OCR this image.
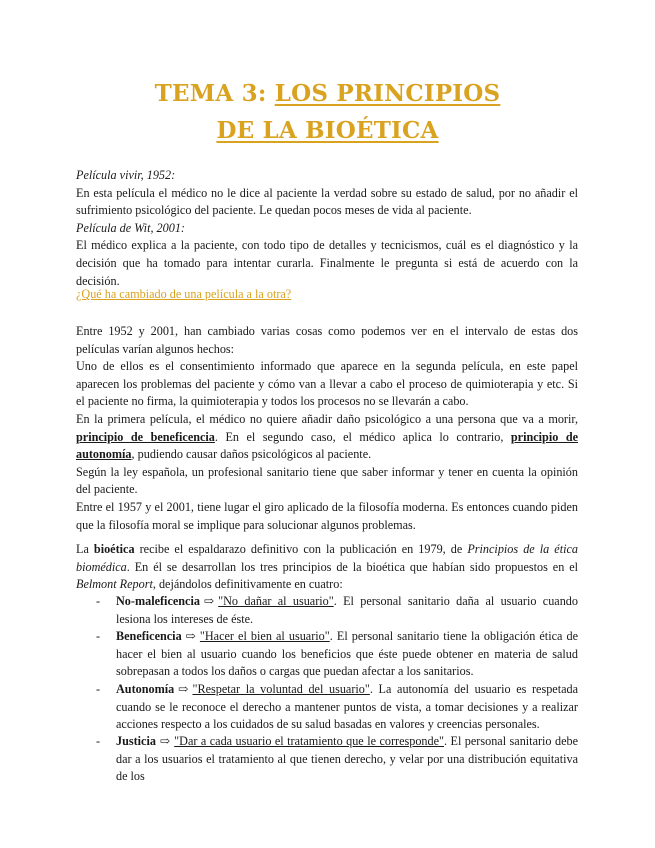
TEMA 3: LOS PRINCIPIOS
DE LA BIOÉTICA
Película vivir, 1952:
En esta película el médico no le dice al paciente la verdad sobre su estado de salud, por no añadir el sufrimiento psicológico del paciente. Le quedan pocos meses de vida al paciente.
Película de Wit, 2001:
El médico explica a la paciente, con todo tipo de detalles y tecnicismos, cuál es el diagnóstico y la decisión que ha tomado para intentar curarla. Finalmente le pregunta si está de acuerdo con la decisión.
¿Qué ha cambiado de una película a la otra?
Entre 1952 y 2001, han cambiado varias cosas como podemos ver en el intervalo de estas dos películas varían algunos hechos:
Uno de ellos es el consentimiento informado que aparece en la segunda película, en este papel aparecen los problemas del paciente y cómo van a llevar a cabo el proceso de quimioterapia y etc. Si el paciente no firma, la quimioterapia y todos los procesos no se llevarán a cabo.
En la primera película, el médico no quiere añadir daño psicológico a una persona que va a morir, principio de beneficencia. En el segundo caso, el médico aplica lo contrario, principio de autonomía, pudiendo causar daños psicológicos al paciente.
Según la ley española, un profesional sanitario tiene que saber informar y tener en cuenta la opinión del paciente.
Entre el 1957 y el 2001, tiene lugar el giro aplicado de la filosofía moderna. Es entonces cuando piden que la filosofía moral se implique para solucionar algunos problemas.
La bioética recibe el espaldarazo definitivo con la publicación en 1979, de Principios de la ética biomédica. En él se desarrollan los tres principios de la bioética que habían sido propuestos en el Belmont Report, dejándolos definitivamente en cuatro:
- No-maleficencia ⇨ "No dañar al usuario". El personal sanitario daña al usuario cuando lesiona los intereses de éste.
- Beneficencia ⇨ "Hacer el bien al usuario". El personal sanitario tiene la obligación ética de hacer el bien al usuario cuando los beneficios que éste puede obtener en materia de salud sobrepasan a todos los daños o cargas que puedan afectar a los sanitarios.
- Autonomía ⇨ "Respetar la voluntad del usuario". La autonomía del usuario es respetada cuando se le reconoce el derecho a mantener puntos de vista, a tomar decisiones y a realizar acciones respecto a los cuidados de su salud basadas en valores y creencias personales.
- Justicia ⇨ "Dar a cada usuario el tratamiento que le corresponde". El personal sanitario debe dar a los usuarios el tratamiento al que tienen derecho, y velar por una distribución equitativa de los
